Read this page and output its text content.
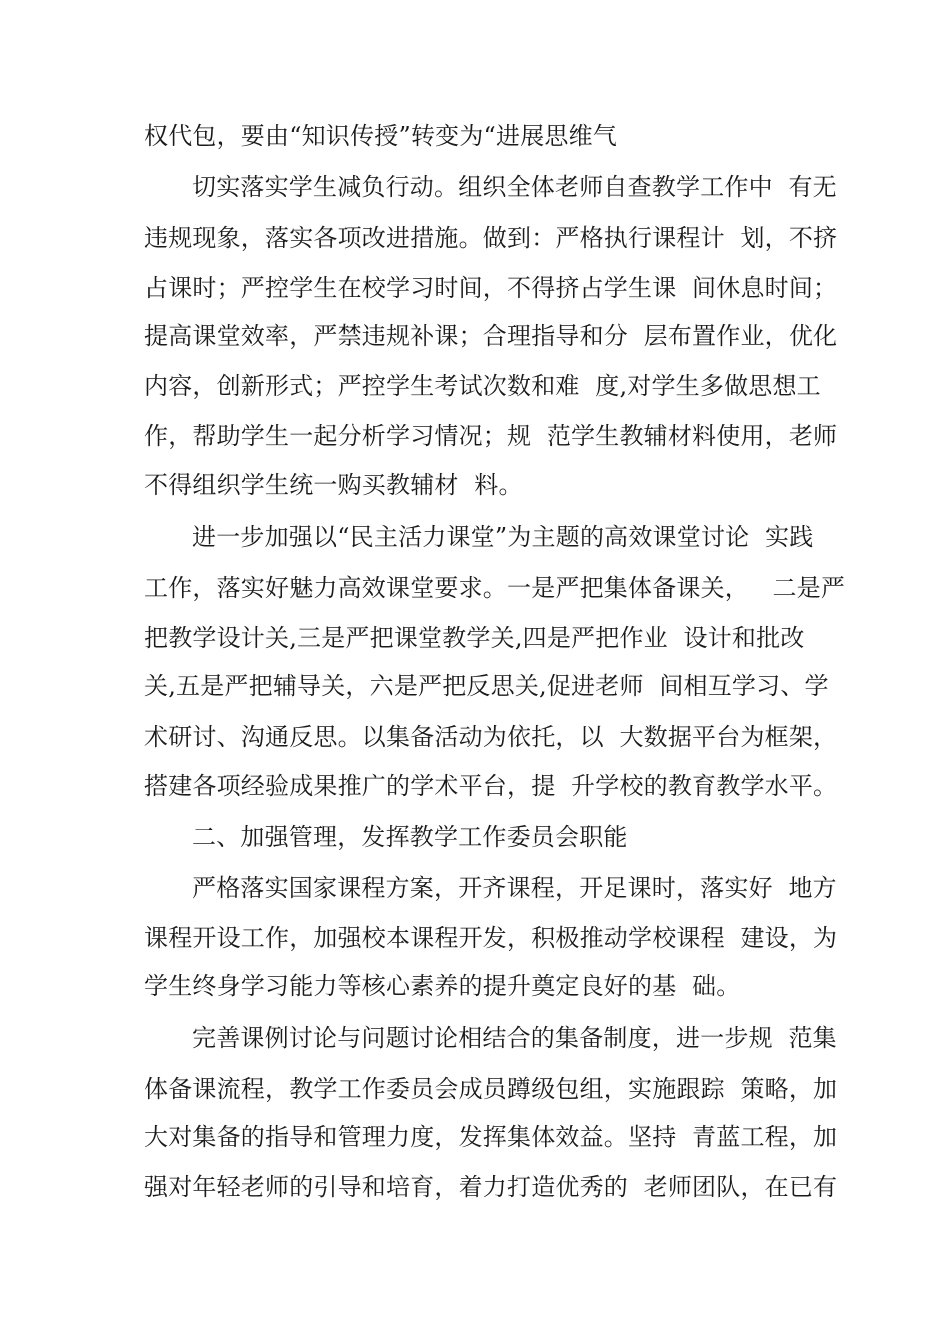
权代包，要由“知识传授”转变为“进展思维气
切实落实学生减负行动。组织全体老师自查教学工作中  有无
违规现象，落实各项改进措施。做到：严格执行课程计  划，不挤
占课时；严控学生在校学习时间，不得挤占学生课  间休息时间；
提高课堂效率，严禁违规补课；合理指导和分  层布置作业，优化
内容，创新形式；严控学生考试次数和难  度,对学生多做思想工
作，帮助学生一起分析学习情况；规  范学生教辅材料使用，老师
不得组织学生统一购买教辅材  料。
进一步加强以“民主活力课堂”为主题的高效课堂讨论  实践
工作，落实好魅力高效课堂要求。一是严把集体备课关，   二是严
把教学设计关,三是严把课堂教学关,四是严把作业  设计和批改
关,五是严把辅导关，六是严把反思关,促进老师  间相互学习、学
术研讨、沟通反思。以集备活动为依托，以  大数据平台为框架，
搭建各项经验成果推广的学术平台，提  升学校的教育教学水平。
二、加强管理，发挥教学工作委员会职能
严格落实国家课程方案，开齐课程，开足课时，落实好  地方
课程开设工作，加强校本课程开发，积极推动学校课程  建设，为
学生终身学习能力等核心素养的提升奠定良好的基  础。
完善课例讨论与问题讨论相结合的集备制度，进一步规  范集
体备课流程，教学工作委员会成员蹲级包组，实施跟踪  策略，加
大对集备的指导和管理力度，发挥集体效益。坚持  青蓝工程，加
强对年轻老师的引导和培育，着力打造优秀的  老师团队，在已有
